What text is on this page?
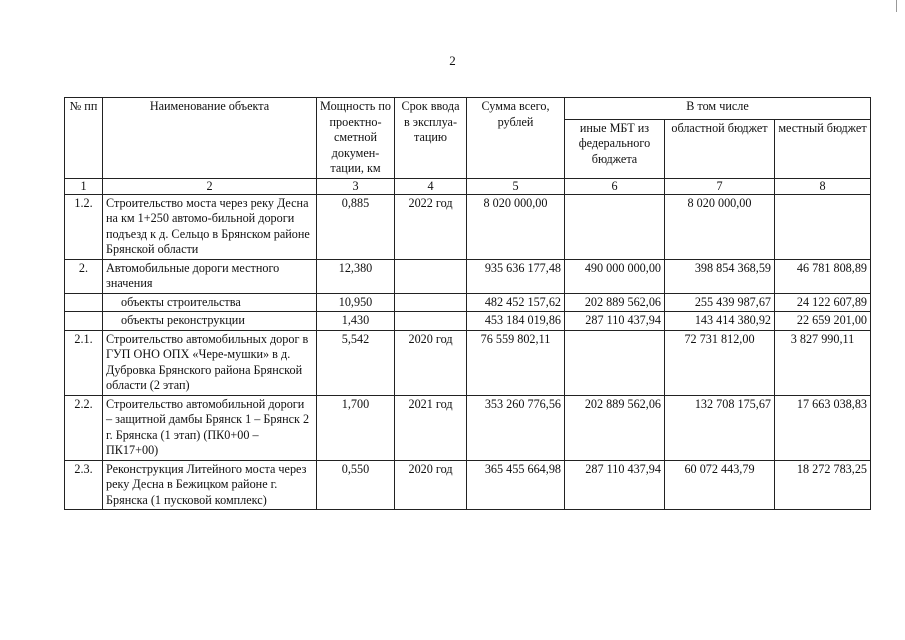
2
№ пп	Наименование объекта	Мощность по проектно-сметной докумен-тации, км	Срок ввода в эксплуа-тацию	Сумма всего, рублей	В том числе		
					иные МБТ из федерального бюджета	областной бюджет	местный бюджет
1	2	3	4	5	6	7	8
1.2.	Строительство моста через реку Десна на км 1+250 автомо-бильной дороги подъезд к д. Сельцо в Брянском районе Брянской области	0,885	2022 год	8 020 000,00		8 020 000,00	
2.	Автомобильные дороги местного значения	12,380		935 636 177,48	490 000 000,00	398 854 368,59	46 781 808,89
	объекты строительства	10,950		482 452 157,62	202 889 562,06	255 439 987,67	24 122 607,89
	объекты реконструкции	1,430		453 184 019,86	287 110 437,94	143 414 380,92	22 659 201,00
2.1.	Строительство автомобильных дорог в ГУП ОНО ОПХ «Чере-мушки» в д. Дубровка Брянского района Брянской области (2 этап)	5,542	2020 год	76 559 802,11		72 731 812,00	3 827 990,11
2.2.	Строительство автомобильной дороги – защитной дамбы Брянск 1 – Брянск 2 г. Брянска (1 этап) (ПК0+00 – ПК17+00)	1,700	2021 год	353 260 776,56	202 889 562,06	132 708 175,67	17 663 038,83
2.3.	Реконструкция Литейного моста через реку Десна в Бежицком районе г. Брянска (1 пусковой комплекс)	0,550	2020 год	365 455 664,98	287 110 437,94	60 072 443,79	18 272 783,25
